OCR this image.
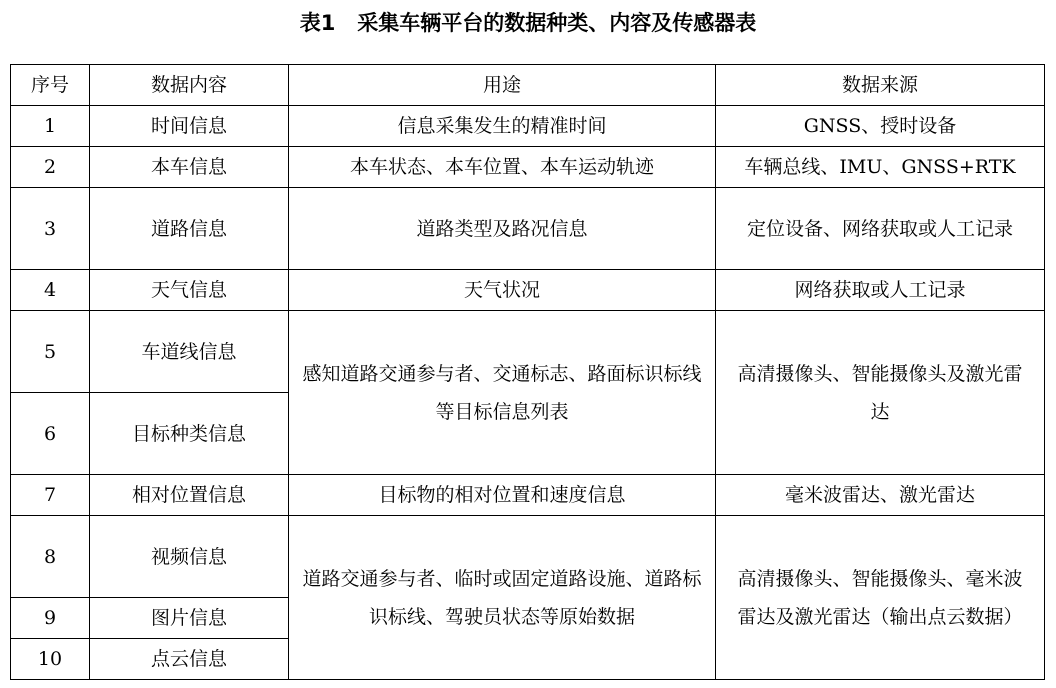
表1   采集车辆平台的数据种类、内容及传感器表
序号	数据内容	用途	数据来源
1	时间信息	信息采集发生的精准时间	GNSS、授时设备
2	本车信息	本车状态、本车位置、本车运动轨迹	车辆总线、IMU、GNSS+RTK
3	道路信息	道路类型及路况信息	定位设备、网络获取或人工记录
4	天气信息	天气状况	网络获取或人工记录
5	车道线信息	感知道路交通参与者、交通标志、路面标识标线等目标信息列表	高清摄像头、智能摄像头及激光雷达
6	目标种类信息		
7	相对位置信息	目标物的相对位置和速度信息	毫米波雷达、激光雷达
8	视频信息	道路交通参与者、临时或固定道路设施、道路标识标线、驾驶员状态等原始数据	高清摄像头、智能摄像头、毫米波雷达及激光雷达（输出点云数据）
9	图片信息		
10	点云信息		
